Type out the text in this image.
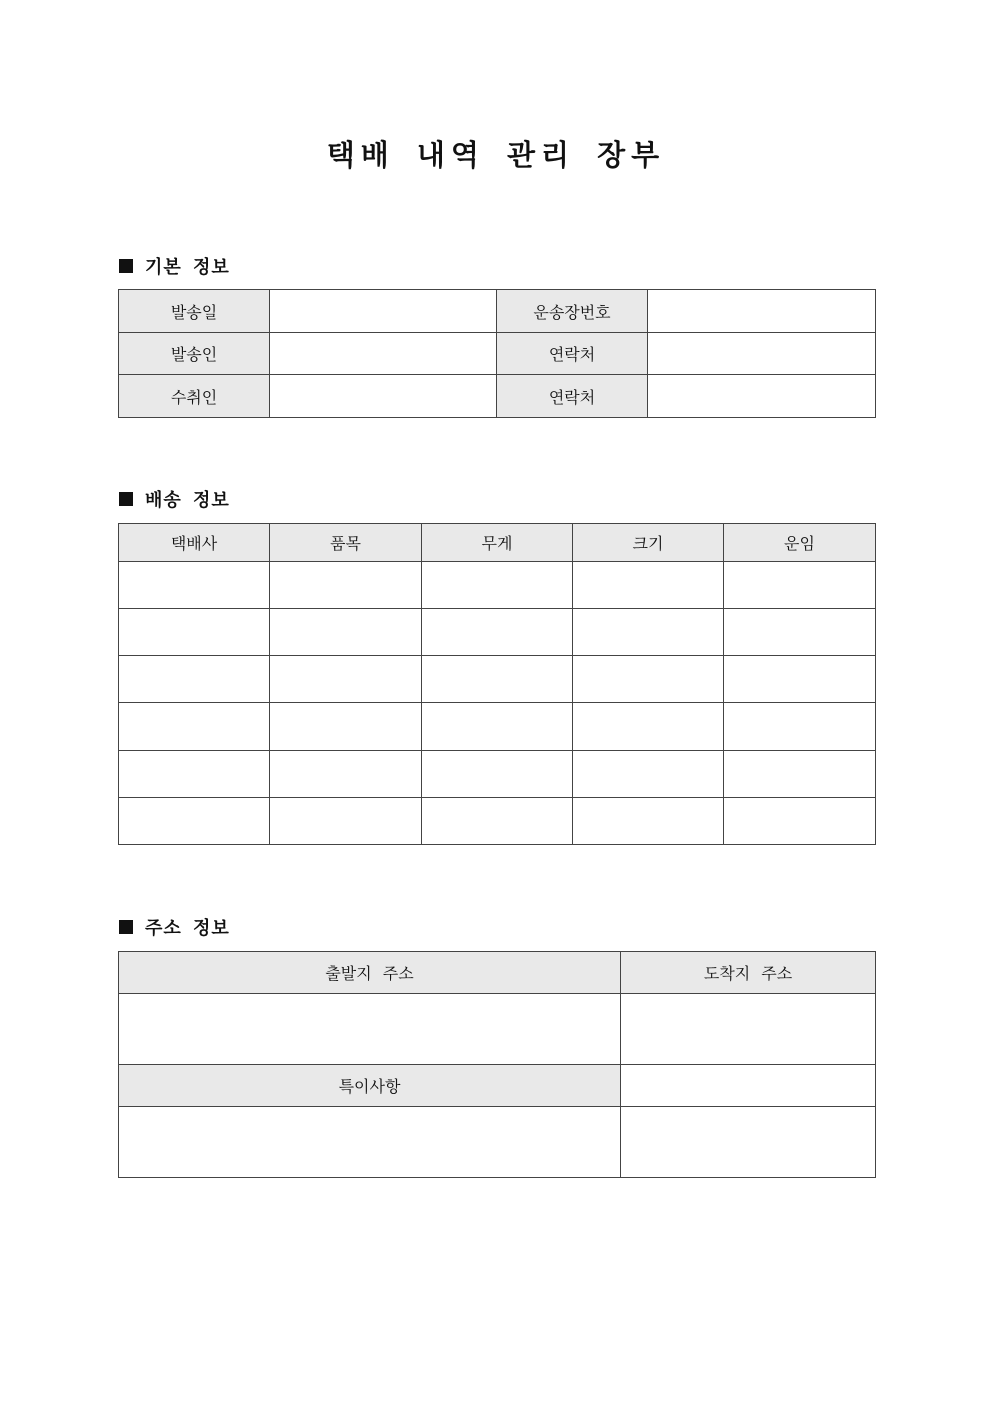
택배 내역 관리 장부
기본 정보
발송일		운송장번호	
발송인		연락처	
수취인		연락처	
배송 정보
택배사	품목	무게	크기	운임

주소 정보
출발지 주소	도착지 주소

특이사항	
